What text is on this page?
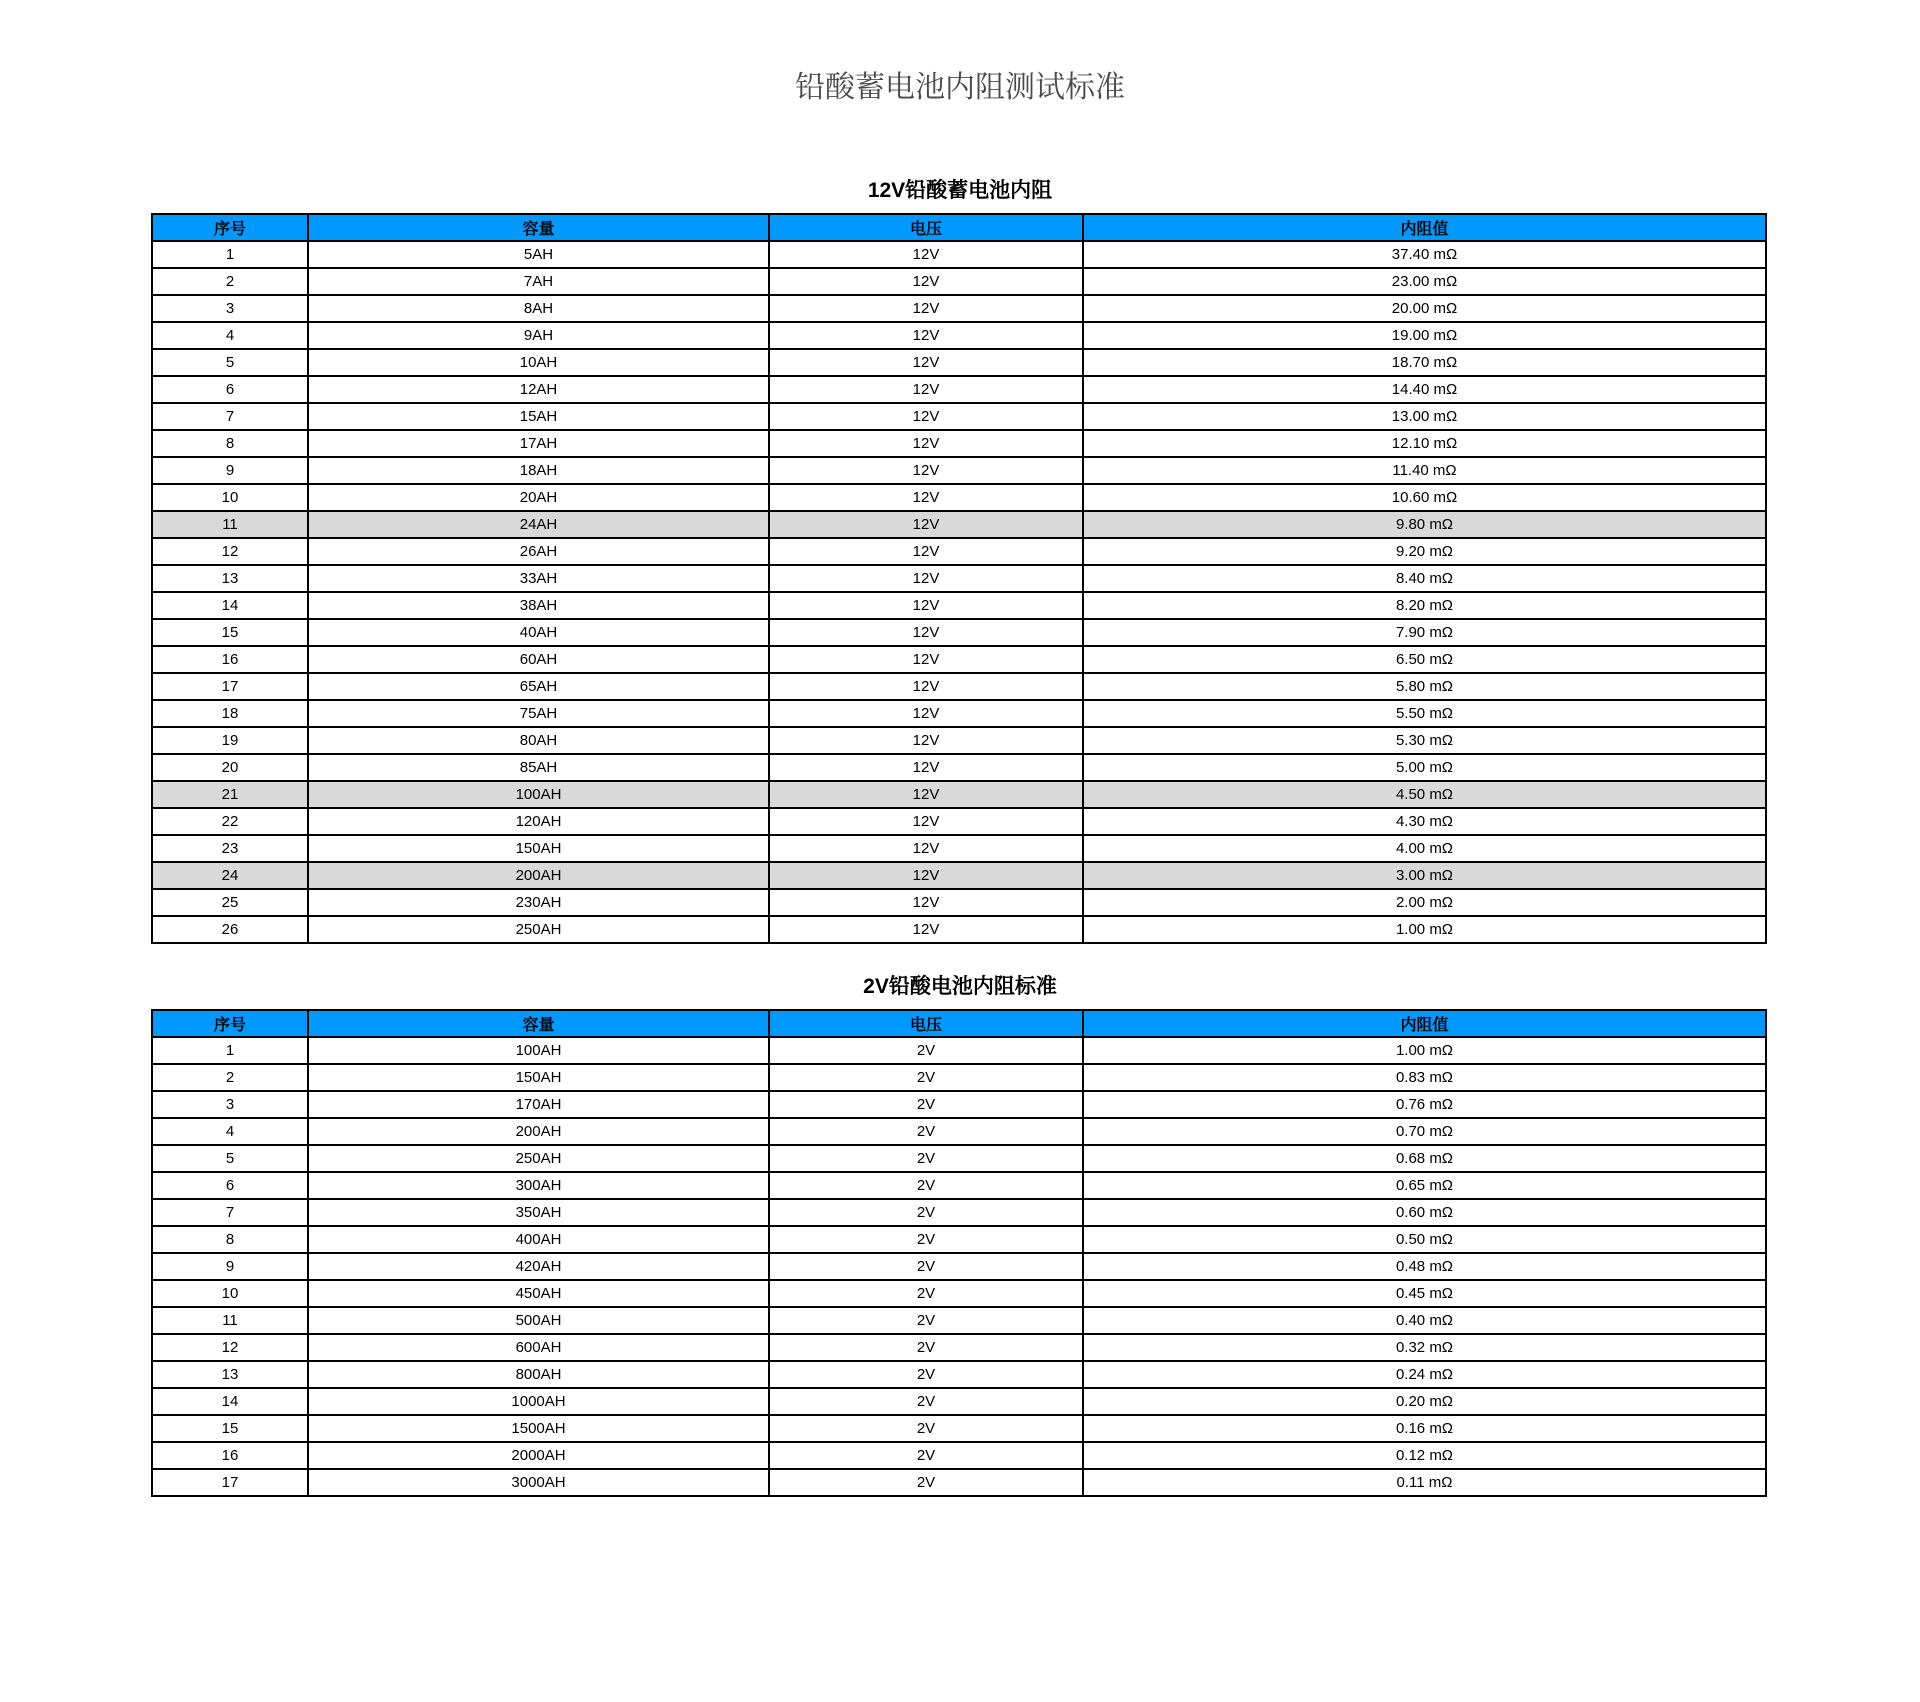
铅酸蓄电池内阻测试标准
12V铅酸蓄电池内阻
序号	容量	电压	内阻值
1	5AH	12V	37.40 mΩ
2	7AH	12V	23.00 mΩ
3	8AH	12V	20.00 mΩ
4	9AH	12V	19.00 mΩ
5	10AH	12V	18.70 mΩ
6	12AH	12V	14.40 mΩ
7	15AH	12V	13.00 mΩ
8	17AH	12V	12.10 mΩ
9	18AH	12V	11.40 mΩ
10	20AH	12V	10.60 mΩ
11	24AH	12V	9.80 mΩ
12	26AH	12V	9.20 mΩ
13	33AH	12V	8.40 mΩ
14	38AH	12V	8.20 mΩ
15	40AH	12V	7.90 mΩ
16	60AH	12V	6.50 mΩ
17	65AH	12V	5.80 mΩ
18	75AH	12V	5.50 mΩ
19	80AH	12V	5.30 mΩ
20	85AH	12V	5.00 mΩ
21	100AH	12V	4.50 mΩ
22	120AH	12V	4.30 mΩ
23	150AH	12V	4.00 mΩ
24	200AH	12V	3.00 mΩ
25	230AH	12V	2.00 mΩ
26	250AH	12V	1.00 mΩ
2V铅酸电池内阻标准
序号	容量	电压	内阻值
1	100AH	2V	1.00 mΩ
2	150AH	2V	0.83 mΩ
3	170AH	2V	0.76 mΩ
4	200AH	2V	0.70 mΩ
5	250AH	2V	0.68 mΩ
6	300AH	2V	0.65 mΩ
7	350AH	2V	0.60 mΩ
8	400AH	2V	0.50 mΩ
9	420AH	2V	0.48 mΩ
10	450AH	2V	0.45 mΩ
11	500AH	2V	0.40 mΩ
12	600AH	2V	0.32 mΩ
13	800AH	2V	0.24 mΩ
14	1000AH	2V	0.20 mΩ
15	1500AH	2V	0.16 mΩ
16	2000AH	2V	0.12 mΩ
17	3000AH	2V	0.11 mΩ
